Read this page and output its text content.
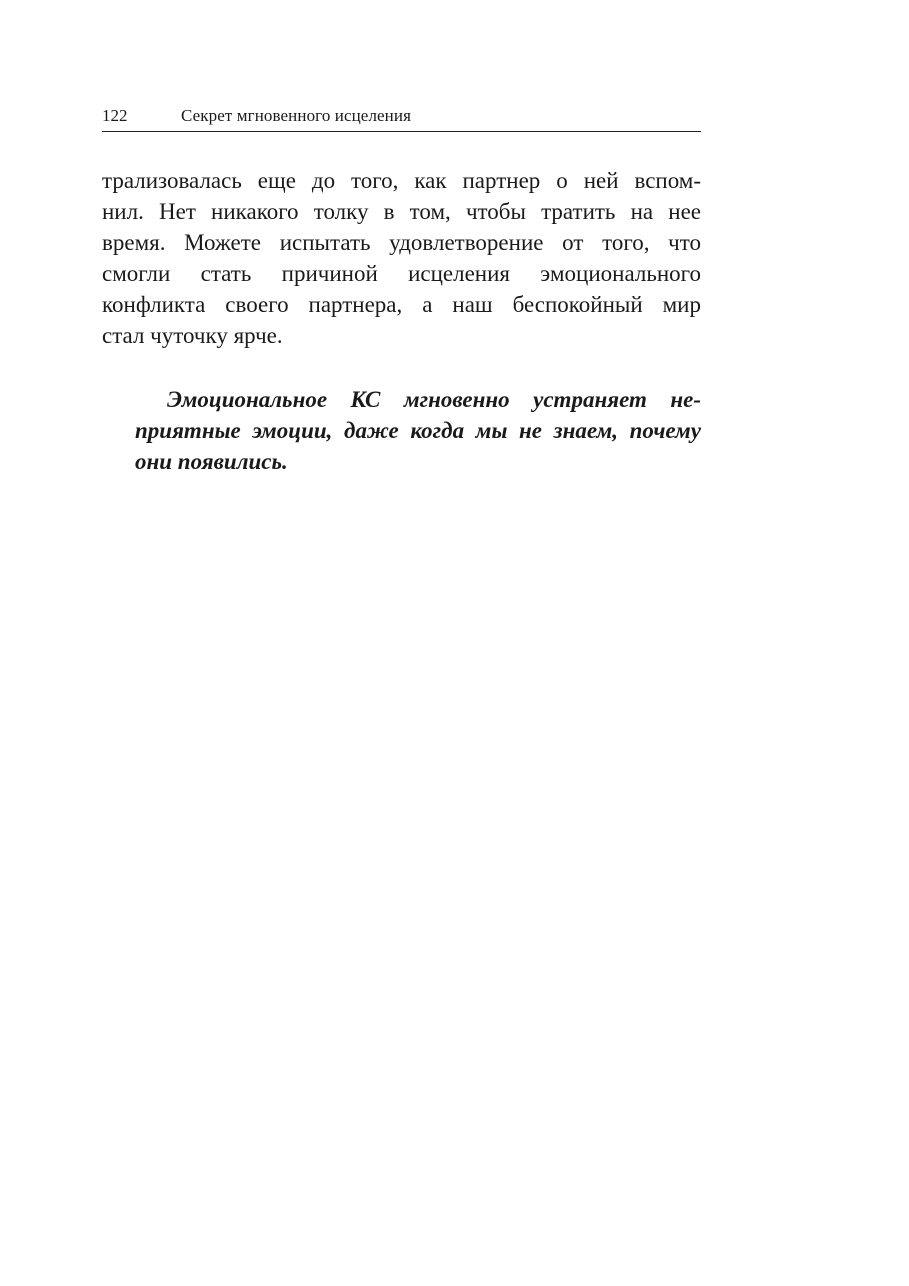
122	Секрет мгновенного исцеления
трализовалась еще до того, как партнер о ней вспом-
нил. Нет никакого толку в том, чтобы тратить на нее
время. Можете испытать удовлетворение от того, что
смогли стать причиной исцеления эмоционального
конфликта своего партнера, а наш беспокойный мир
стал чуточку ярче.
Эмоциональное КС мгновенно устраняет не-
приятные эмоции, даже когда мы не знаем, почему
они появились.
